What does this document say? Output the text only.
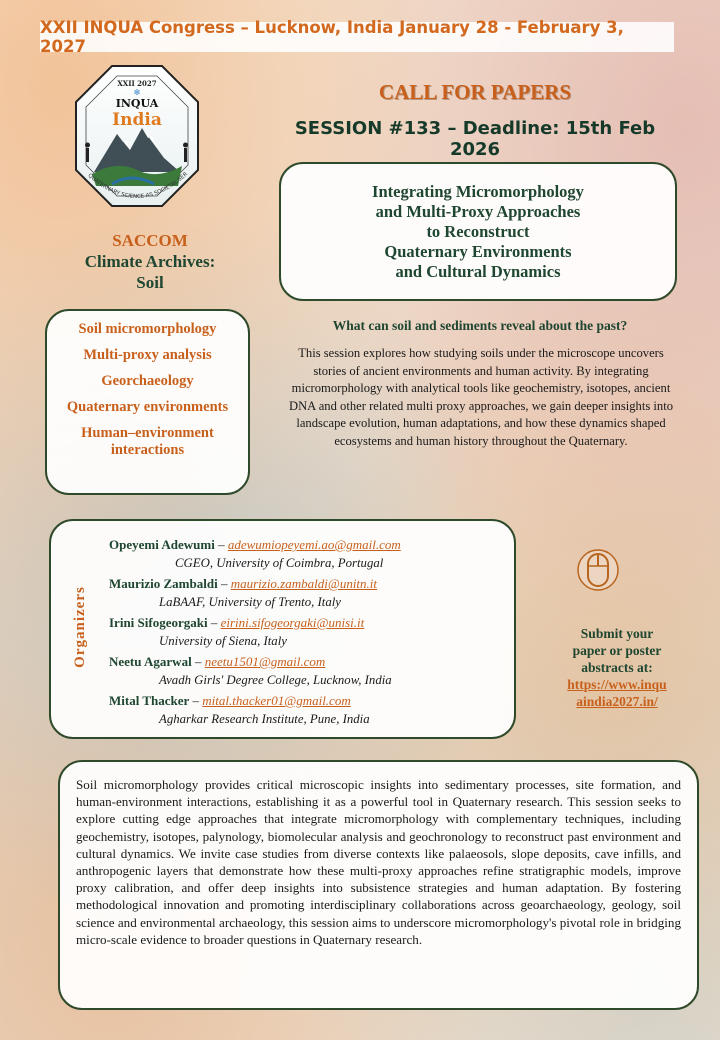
XXII INQUA Congress – Lucknow, India January 28 - February 3, 2027
XXII 2027
✻
INQUA
India
QUATERNARY SCIENCE AS SOCIETAL SER
CALL FOR PAPERS
SESSION #133 – Deadline: 15th Feb 2026
Integrating Micromorphology
and Multi-Proxy Approaches
to Reconstruct
Quaternary Environments
and Cultural Dynamics
SACCOM
Climate Archives:
Soil
Soil micromorphology
Multi-proxy analysis
Georchaeology
Quaternary environments
Human–environment interactions
What can soil and sediments reveal about the past?
This session explores how studying soils under the microscope uncovers stories of ancient environments and human activity. By integrating micromorphology with analytical tools like geochemistry, isotopes, ancient DNA and other related multi proxy approaches, we gain deeper insights into landscape evolution, human adaptations, and how these dynamics shaped ecosystems and human history throughout the Quaternary.
Organizers
Opeyemi Adewumi – adewumiopeyemi.ao@gmail.com
CGEO, University of Coimbra, Portugal
Maurizio Zambaldi – maurizio.zambaldi@unitn.it
LaBAAF, University of Trento, Italy
Irini Sifogeorgaki – eirini.sifogeorgaki@unisi.it
University of Siena, Italy
Neetu Agarwal – neetu1501@gmail.com
Avadh Girls' Degree College, Lucknow, India
Mital Thacker – mital.thacker01@gmail.com
Agharkar Research Institute, Pune, India
Submit your
paper or poster
abstracts at:
https://www.inqu
aindia2027.in/
Soil micromorphology provides critical microscopic insights into sedimentary processes, site formation, and human-environment interactions, establishing it as a powerful tool in Quaternary research. This session seeks to explore cutting edge approaches that integrate micromorphology with complementary techniques, including geochemistry, isotopes, palynology, biomolecular analysis and geochronology to reconstruct past environment and cultural dynamics. We invite case studies from diverse contexts like palaeosols, slope deposits, cave infills, and anthropogenic layers that demonstrate how these multi-proxy approaches refine stratigraphic models, improve proxy calibration, and offer deep insights into subsistence strategies and human adaptation. By fostering methodological innovation and promoting interdisciplinary collaborations across geoarchaeology, geology, soil science and environmental archaeology, this session aims to underscore micromorphology's pivotal role in bridging micro-scale evidence to broader questions in Quaternary research.
